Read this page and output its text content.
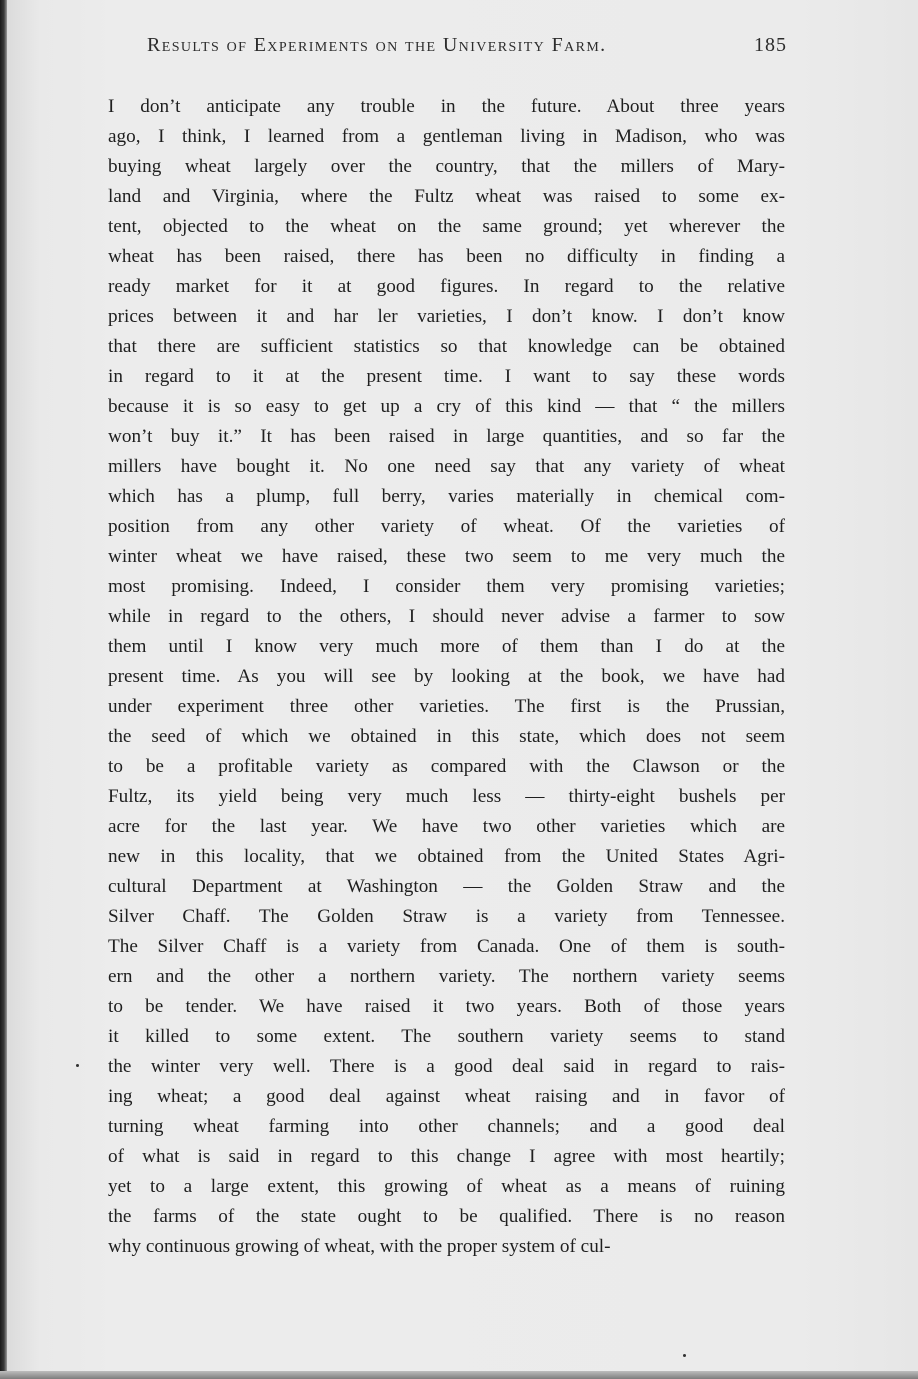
Results of Experiments on the University Farm.	185
I don’t anticipate any trouble in the future. About three years
ago, I think, I learned from a gentleman living in Madison, who was
buying wheat largely over the country, that the millers of Mary-
land and Virginia, where the Fultz wheat was raised to some ex-
tent, objected to the wheat on the same ground; yet wherever the
wheat has been raised, there has been no difficulty in finding a
ready market for it at good figures. In regard to the relative
prices between it and har ler varieties, I don’t know. I don’t know
that there are sufficient statistics so that knowledge can be obtained
in regard to it at the present time. I want to say these words
because it is so easy to get up a cry of this kind — that “ the millers
won’t buy it.” It has been raised in large quantities, and so far the
millers have bought it. No one need say that any variety of wheat
which has a plump, full berry, varies materially in chemical com-
position from any other variety of wheat. Of the varieties of
winter wheat we have raised, these two seem to me very much the
most promising. Indeed, I consider them very promising varieties;
while in regard to the others, I should never advise a farmer to sow
them until I know very much more of them than I do at the
present time. As you will see by looking at the book, we have had
under experiment three other varieties. The first is the Prussian,
the seed of which we obtained in this state, which does not seem
to be a profitable variety as compared with the Clawson or the
Fultz, its yield being very much less — thirty-eight bushels per
acre for the last year. We have two other varieties which are
new in this locality, that we obtained from the United States Agri-
cultural Department at Washington — the Golden Straw and the
Silver Chaff. The Golden Straw is a variety from Tennessee.
The Silver Chaff is a variety from Canada. One of them is south-
ern and the other a northern variety. The northern variety seems
to be tender. We have raised it two years. Both of those years
it killed to some extent. The southern variety seems to stand
the winter very well. There is a good deal said in regard to rais-
ing wheat; a good deal against wheat raising and in favor of
turning wheat farming into other channels; and a good deal
of what is said in regard to this change I agree with most heartily;
yet to a large extent, this growing of wheat as a means of ruining
the farms of the state ought to be qualified. There is no reason
why continuous growing of wheat, with the proper system of cul-
